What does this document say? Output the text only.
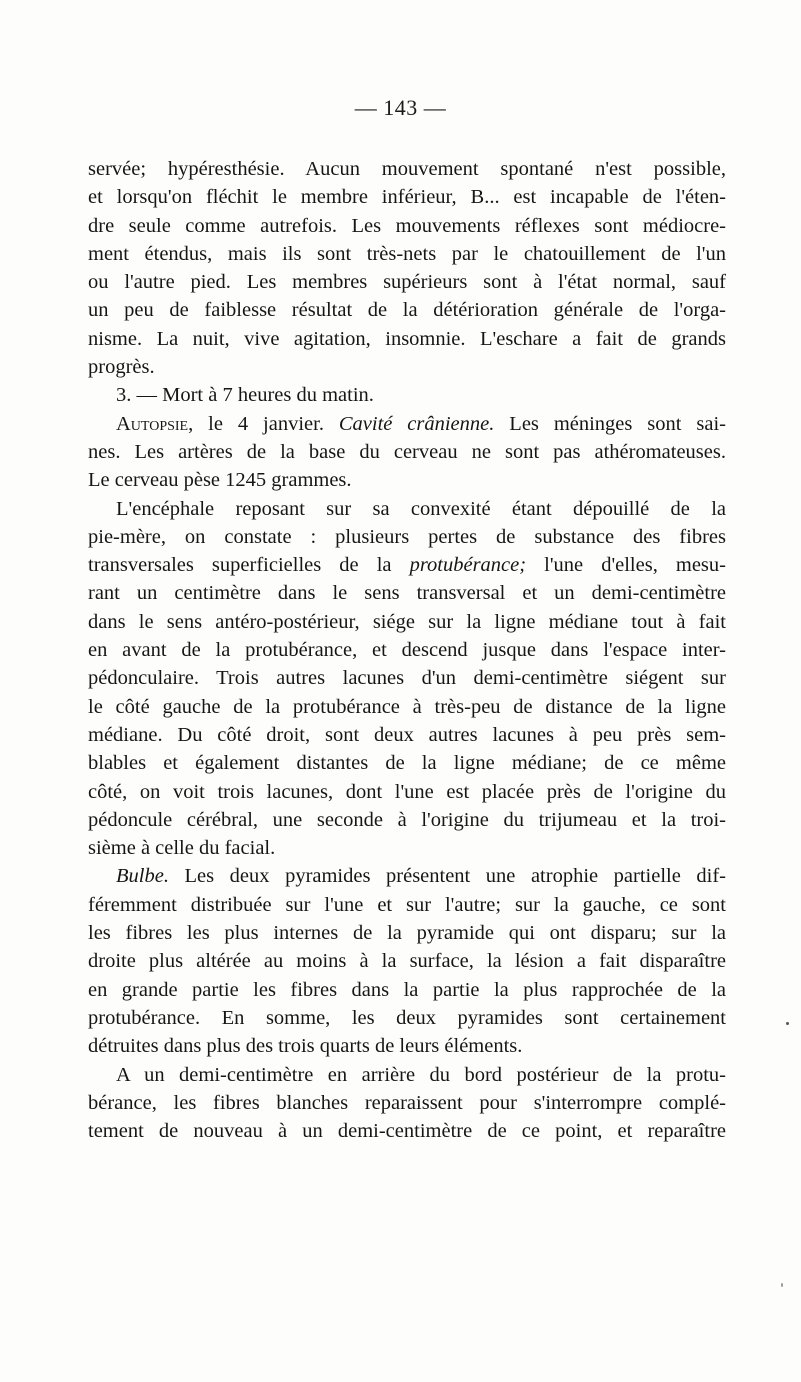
— 143 —
servée; hypéresthésie. Aucun mouvement spontané n'est possible,
et lorsqu'on fléchit le membre inférieur, B... est incapable de l'éten-
dre seule comme autrefois. Les mouvements réflexes sont médiocre-
ment étendus, mais ils sont très-nets par le chatouillement de l'un
ou l'autre pied. Les membres supérieurs sont à l'état normal, sauf
un peu de faiblesse résultat de la détérioration générale de l'orga-
nisme. La nuit, vive agitation, insomnie. L'eschare a fait de grands
progrès.
3. — Mort à 7 heures du matin.
Autopsie, le 4 janvier. Cavité crânienne. Les méninges sont sai-
nes. Les artères de la base du cerveau ne sont pas athéromateuses.
Le cerveau pèse 1245 grammes.
L'encéphale reposant sur sa convexité étant dépouillé de la
pie-mère, on constate : plusieurs pertes de substance des fibres
transversales superficielles de la protubérance; l'une d'elles, mesu-
rant un centimètre dans le sens transversal et un demi-centimètre
dans le sens antéro-postérieur, siége sur la ligne médiane tout à fait
en avant de la protubérance, et descend jusque dans l'espace inter-
pédonculaire. Trois autres lacunes d'un demi-centimètre siégent sur
le côté gauche de la protubérance à très-peu de distance de la ligne
médiane. Du côté droit, sont deux autres lacunes à peu près sem-
blables et également distantes de la ligne médiane; de ce même
côté, on voit trois lacunes, dont l'une est placée près de l'origine du
pédoncule cérébral, une seconde à l'origine du trijumeau et la troi-
sième à celle du facial.
Bulbe. Les deux pyramides présentent une atrophie partielle dif-
féremment distribuée sur l'une et sur l'autre; sur la gauche, ce sont
les fibres les plus internes de la pyramide qui ont disparu; sur la
droite plus altérée au moins à la surface, la lésion a fait disparaître
en grande partie les fibres dans la partie la plus rapprochée de la
protubérance. En somme, les deux pyramides sont certainement
détruites dans plus des trois quarts de leurs éléments.
A un demi-centimètre en arrière du bord postérieur de la protu-
bérance, les fibres blanches reparaissent pour s'interrompre complé-
tement de nouveau à un demi-centimètre de ce point, et reparaître
